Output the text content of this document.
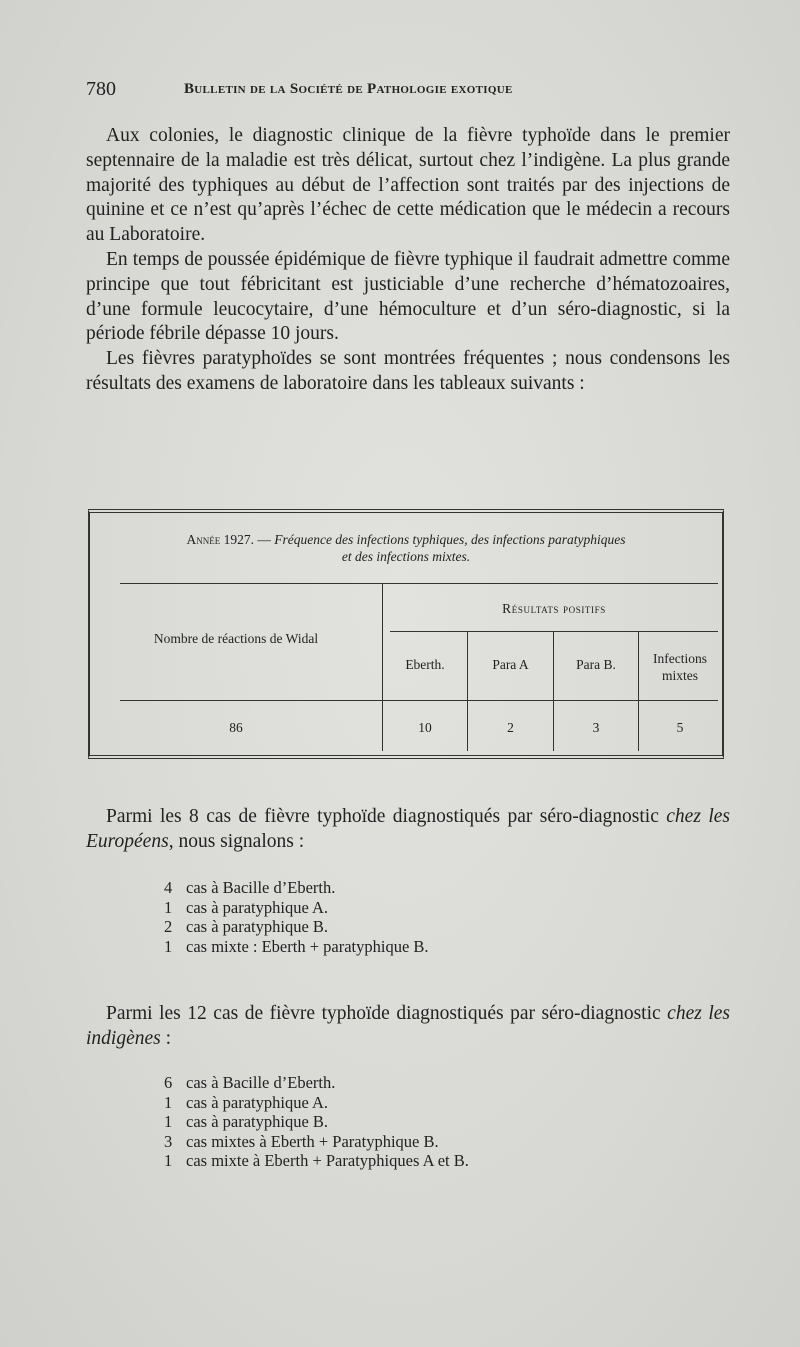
780	Bulletin de la Société de Pathologie exotique

Aux colonies, le diagnostic clinique de la fièvre typhoïde dans le premier septennaire de la maladie est très délicat, surtout chez l’indigène. La plus grande majorité des typhiques au début de l’affection sont traités par des injections de quinine et ce n’est qu’après l’échec de cette médication que le médecin a recours au Laboratoire.

En temps de poussée épidémique de fièvre typhique il faudrait admettre comme principe que tout fébricitant est justiciable d’une recherche d’hématozoaires, d’une formule leucocytaire, d’une hémoculture et d’un séro-diagnostic, si la période fébrile dépasse 10 jours.

Les fièvres paratyphoïdes se sont montrées fréquentes ; nous condensons les résultats des examens de laboratoire dans les tableaux suivants :

Année 1927. — Fréquence des infections typhiques, des infections paratyphiques
et des infections mixtes.
Nombre de réactions de Widal
Résultats positifs
Eberth.	Para A	Para B.	Infections
mixtes
86	10	2	3	5

Parmi les 8 cas de fièvre typhoïde diagnostiqués par séro-diagnostic chez les Européens, nous signalons :

4 cas à Bacille d’Eberth.
1 cas à paratyphique A.
2 cas à paratyphique B.
1 cas mixte : Eberth + paratyphique B.

Parmi les 12 cas de fièvre typhoïde diagnostiqués par séro-diagnostic chez les indigènes :

6 cas à Bacille d’Eberth.
1 cas à paratyphique A.
1 cas à paratyphique B.
3 cas mixtes à Eberth + Paratyphique B.
1 cas mixte à Eberth + Paratyphiques A et B.
